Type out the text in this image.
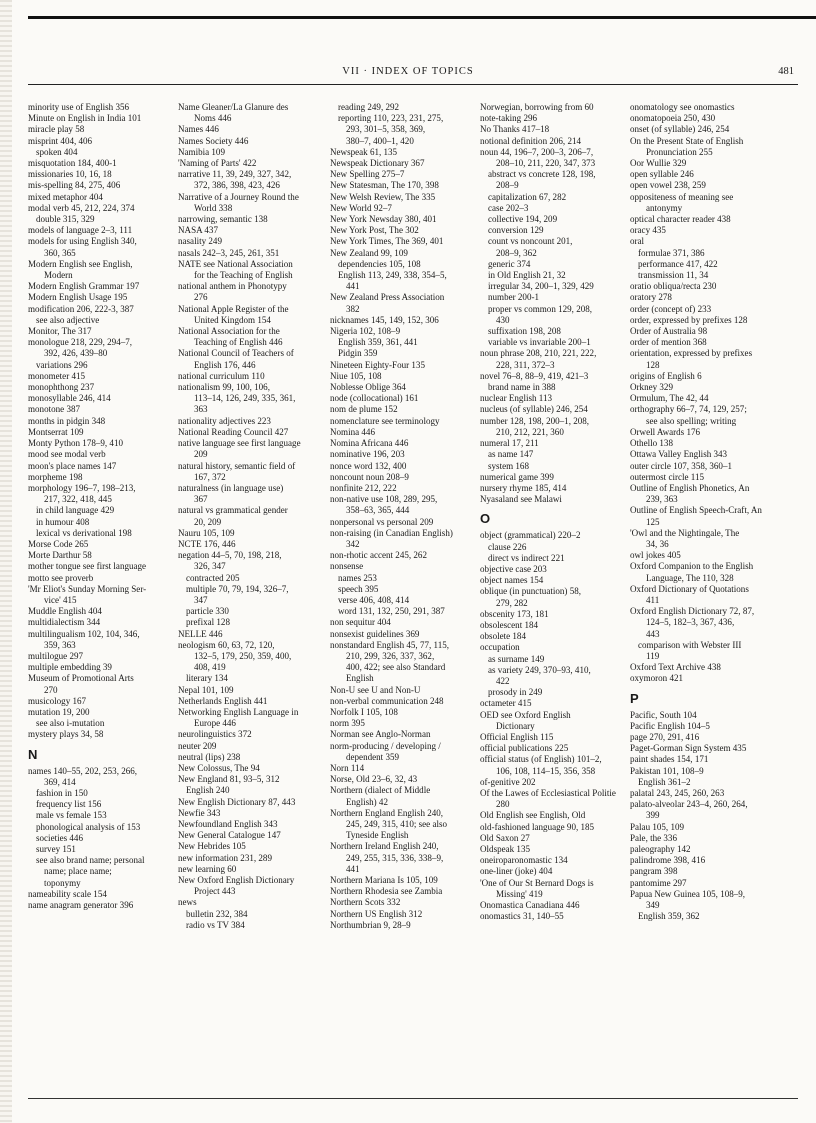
VII · INDEX OF TOPICS	481
minority use of English 356
Minute on English in India 101
miracle play 58
misprint 404, 406
spoken 404
misquotation 184, 400-1
missionaries 10, 16, 18
mis-spelling 84, 275, 406
mixed metaphor 404
modal verb 45, 212, 224, 374
double 315, 329
models of language 2–3, 111
models for using English 340,
360, 365
Modern English see English,
Modern
Modern English Grammar 197
Modern English Usage 195
modification 206, 222-3, 387
see also adjective
Monitor, The 317
monologue 218, 229, 294–7,
392, 426, 439–80
variations 296
monometer 415
monophthong 237
monosyllable 246, 414
monotone 387
months in pidgin 348
Montserrat 109
Monty Python 178–9, 410
mood see modal verb
moon's place names 147
morpheme 198
morphology 196–7, 198–213,
217, 322, 418, 445
in child language 429
in humour 408
lexical vs derivational 198
Morse Code 265
Morte Darthur 58
mother tongue see first language
motto see proverb
'Mr Eliot's Sunday Morning Ser-
vice' 415
Muddle English 404
multidialectism 344
multilingualism 102, 104, 346,
359, 363
multilogue 297
multiple embedding 39
Museum of Promotional Arts
270
musicology 167
mutation 19, 200
see also i-mutation
mystery plays 34, 58
N
names 140–55, 202, 253, 266,
369, 414
fashion in 150
frequency list 156
male vs female 153
phonological analysis of 153
societies 446
survey 151
see also brand name; personal
name; place name;
toponymy
nameability scale 154
name anagram generator 396
Name Gleaner/La Glanure des
Noms 446
Names 446
Names Society 446
Namibia 109
'Naming of Parts' 422
narrative 11, 39, 249, 327, 342,
372, 386, 398, 423, 426
Narrative of a Journey Round the
World 338
narrowing, semantic 138
NASA 437
nasality 249
nasals 242–3, 245, 261, 351
NATE see National Association
for the Teaching of English
national anthem in Phonotypy
276
National Apple Register of the
United Kingdom 154
National Association for the
Teaching of English 446
National Council of Teachers of
English 176, 446
national curriculum 110
nationalism 99, 100, 106,
113–14, 126, 249, 335, 361,
363
nationality adjectives 223
National Reading Council 427
native language see first language
209
natural history, semantic field of
167, 372
naturalness (in language use)
367
natural vs grammatical gender
20, 209
Nauru 105, 109
NCTE 176, 446
negation 44–5, 70, 198, 218,
326, 347
contracted 205
multiple 70, 79, 194, 326–7,
347
particle 330
prefixal 128
NELLE 446
neologism 60, 63, 72, 120,
132–5, 179, 250, 359, 400,
408, 419
literary 134
Nepal 101, 109
Netherlands English 441
Networking English Language in
Europe 446
neurolinguistics 372
neuter 209
neutral (lips) 238
New Colossus, The 94
New England 81, 93–5, 312
English 240
New English Dictionary 87, 443
Newfie 343
Newfoundland English 343
New General Catalogue 147
New Hebrides 105
new information 231, 289
new learning 60
New Oxford English Dictionary
Project 443
news
bulletin 232, 384
radio vs TV 384
reading 249, 292
reporting 110, 223, 231, 275,
293, 301–5, 358, 369,
380–7, 400–1, 420
Newspeak 61, 135
Newspeak Dictionary 367
New Spelling 275–7
New Statesman, The 170, 398
New Welsh Review, The 335
New World 92–7
New York Newsday 380, 401
New York Post, The 302
New York Times, The 369, 401
New Zealand 99, 109
dependencies 105, 108
English 113, 249, 338, 354–5,
441
New Zealand Press Association
382
nicknames 145, 149, 152, 306
Nigeria 102, 108–9
English 359, 361, 441
Pidgin 359
Nineteen Eighty-Four 135
Niue 105, 108
Noblesse Oblige 364
node (collocational) 161
nom de plume 152
nomenclature see terminology
Nomina 446
Nomina Africana 446
nominative 196, 203
nonce word 132, 400
noncount noun 208–9
nonfinite 212, 222
non-native use 108, 289, 295,
358–63, 365, 444
nonpersonal vs personal 209
non-raising (in Canadian English)
342
non-rhotic accent 245, 262
nonsense
names 253
speech 395
verse 406, 408, 414
word 131, 132, 250, 291, 387
non sequitur 404
nonsexist guidelines 369
nonstandard English 45, 77, 115,
210, 299, 326, 337, 362,
400, 422; see also Standard
English
Non-U see U and Non-U
non-verbal communication 248
Norfolk I 105, 108
norm 395
Norman see Anglo-Norman
norm-producing / developing /
dependent 359
Norn 114
Norse, Old 23–6, 32, 43
Northern (dialect of Middle
English) 42
Northern England English 240,
245, 249, 315, 410; see also
Tyneside English
Northern Ireland English 240,
249, 255, 315, 336, 338–9,
441
Northern Mariana Is 105, 109
Northern Rhodesia see Zambia
Northern Scots 332
Northern US English 312
Northumbrian 9, 28–9
Norwegian, borrowing from 60
note-taking 296
No Thanks 417–18
notional definition 206, 214
noun 44, 196–7, 200–3, 206–7,
208–10, 211, 220, 347, 373
abstract vs concrete 128, 198,
208–9
capitalization 67, 282
case 202–3
collective 194, 209
conversion 129
count vs noncount 201,
208–9, 362
generic 374
in Old English 21, 32
irregular 34, 200–1, 329, 429
number 200-1
proper vs common 129, 208,
430
suffixation 198, 208
variable vs invariable 200–1
noun phrase 208, 210, 221, 222,
228, 311, 372–3
novel 76–8, 88–9, 419, 421–3
brand name in 388
nuclear English 113
nucleus (of syllable) 246, 254
number 128, 198, 200–1, 208,
210, 212, 221, 360
numeral 17, 211
as name 147
system 168
numerical game 399
nursery rhyme 185, 414
Nyasaland see Malawi
O
object (grammatical) 220–2
clause 226
direct vs indirect 221
objective case 203
object names 154
oblique (in punctuation) 58,
279, 282
obscenity 173, 181
obsolescent 184
obsolete 184
occupation
as surname 149
as variety 249, 370–93, 410,
422
prosody in 249
octameter 415
OED see Oxford English
Dictionary
Official English 115
official publications 225
official status (of English) 101–2,
106, 108, 114–15, 356, 358
of-genitive 202
Of the Lawes of Ecclesiastical Politie
280
Old English see English, Old
old-fashioned language 90, 185
Old Saxon 27
Oldspeak 135
oneiroparonomastic 134
one-liner (joke) 404
'One of Our St Bernard Dogs is
Missing' 419
Onomastica Canadiana 446
onomastics 31, 140–55
onomatology see onomastics
onomatopoeia 250, 430
onset (of syllable) 246, 254
On the Present State of English
Pronunciation 255
Oor Wullie 329
open syllable 246
open vowel 238, 259
oppositeness of meaning see
antonymy
optical character reader 438
oracy 435
oral
formulae 371, 386
performance 417, 422
transmission 11, 34
oratio obliqua/recta 230
oratory 278
order (concept of) 233
order, expressed by prefixes 128
Order of Australia 98
order of mention 368
orientation, expressed by prefixes
128
origins of English 6
Orkney 329
Ormulum, The 42, 44
orthography 66–7, 74, 129, 257;
see also spelling; writing
Orwell Awards 176
Othello 138
Ottawa Valley English 343
outer circle 107, 358, 360–1
outermost circle 115
Outline of English Phonetics, An
239, 363
Outline of English Speech-Craft, An
125
'Owl and the Nightingale, The
34, 36
owl jokes 405
Oxford Companion to the English
Language, The 110, 328
Oxford Dictionary of Quotations
411
Oxford English Dictionary 72, 87,
124–5, 182–3, 367, 436,
443
comparison with Webster III
119
Oxford Text Archive 438
oxymoron 421
P
Pacific, South 104
Pacific English 104–5
page 270, 291, 416
Paget-Gorman Sign System 435
paint shades 154, 171
Pakistan 101, 108–9
English 361–2
palatal 243, 245, 260, 263
palato-alveolar 243–4, 260, 264,
399
Palau 105, 109
Pale, the 336
paleography 142
palindrome 398, 416
pangram 398
pantomime 297
Papua New Guinea 105, 108–9,
349
English 359, 362
